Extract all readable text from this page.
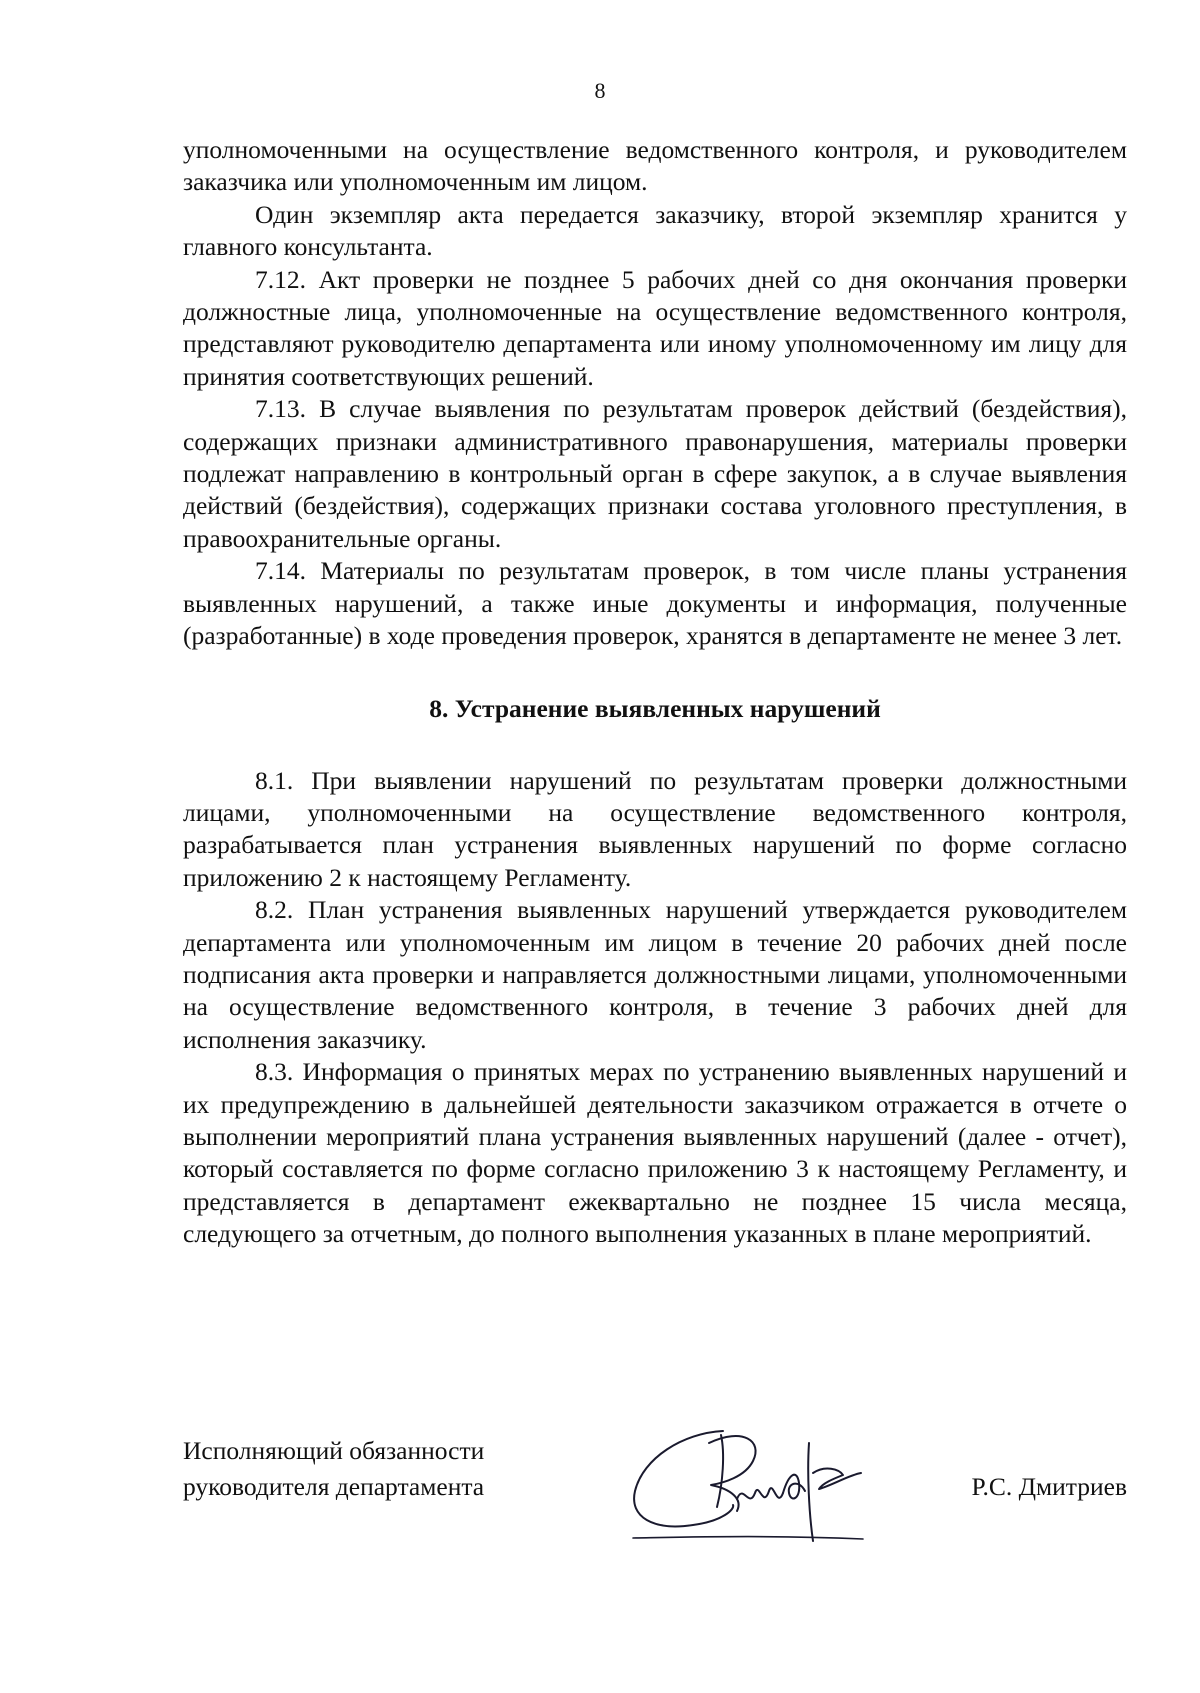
8

уполномоченными на осуществление ведомственного контроля, и руководителем заказчика или уполномоченным им лицом.

Один экземпляр акта передается заказчику, второй экземпляр хранится у главного консультанта.

7.12. Акт проверки не позднее 5 рабочих дней со дня окончания проверки должностные лица, уполномоченные на осуществление ведомственного контроля, представляют руководителю департамента или иному уполномоченному им лицу для принятия соответствующих решений.

7.13. В случае выявления по результатам проверок действий (бездействия), содержащих признаки административного правонарушения, материалы проверки подлежат направлению в контрольный орган в сфере закупок, а в случае выявления действий (бездействия), содержащих признаки состава уголовного преступления, в правоохранительные органы.

7.14. Материалы по результатам проверок, в том числе планы устранения выявленных нарушений, а также иные документы и информация, полученные (разработанные) в ходе проведения проверок, хранятся в департаменте не менее 3 лет.

8. Устранение выявленных нарушений

8.1. При выявлении нарушений по результатам проверки должностными лицами, уполномоченными на осуществление ведомственного контроля, разрабатывается план устранения выявленных нарушений по форме согласно приложению 2 к настоящему Регламенту.

8.2. План устранения выявленных нарушений утверждается руководителем департамента или уполномоченным им лицом в течение 20 рабочих дней после подписания акта проверки и направляется должностными лицами, уполномоченными на осуществление ведомственного контроля, в течение 3 рабочих дней для исполнения заказчику.

8.3. Информация о принятых мерах по устранению выявленных нарушений и их предупреждению в дальнейшей деятельности заказчиком отражается в отчете о выполнении мероприятий плана устранения выявленных нарушений (далее - отчет), который составляется по форме согласно приложению 3 к настоящему Регламенту, и представляется в департамент ежеквартально не позднее 15 числа месяца, следующего за отчетным, до полного выполнения указанных в плане мероприятий.

Исполняющий обязанности
руководителя департамента	Р.С. Дмитриев
